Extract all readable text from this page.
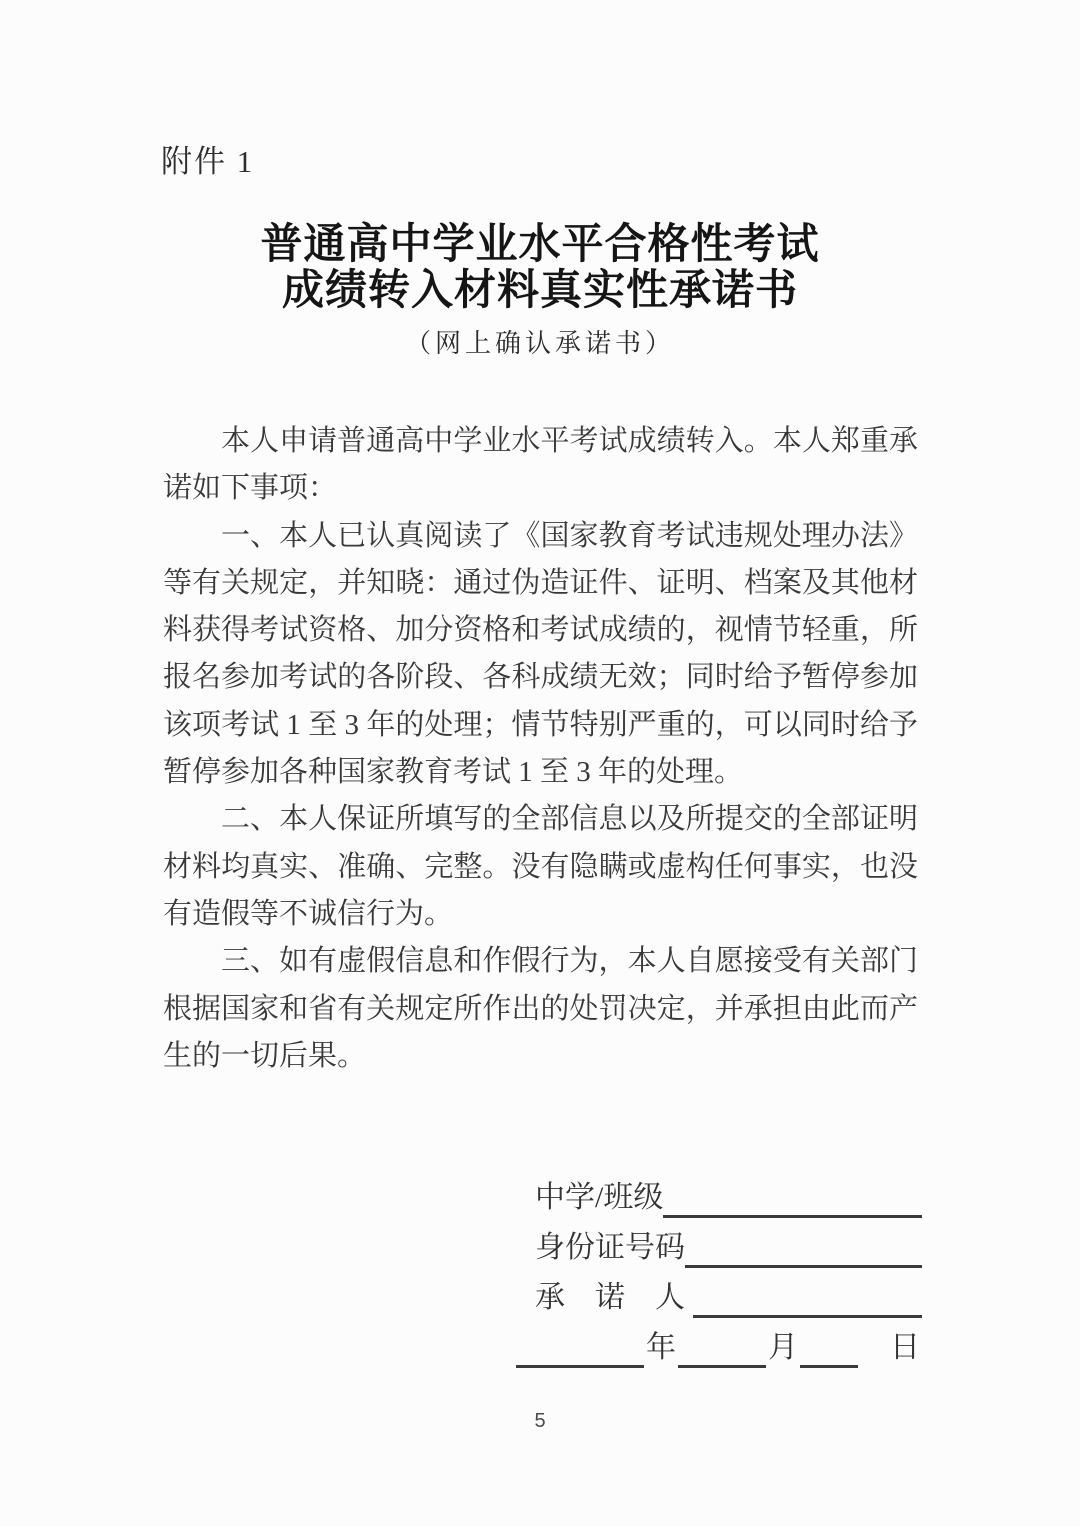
附件 1
普通高中学业水平合格性考试
成绩转入材料真实性承诺书
（网上确认承诺书）
本人申请普通高中学业水平考试成绩转入。本人郑重承
诺如下事项：
一、本人已认真阅读了《国家教育考试违规处理办法》
等有关规定，并知晓：通过伪造证件、证明、档案及其他材
料获得考试资格、加分资格和考试成绩的，视情节轻重，所
报名参加考试的各阶段、各科成绩无效；同时给予暂停参加
该项考试 1 至 3 年的处理；情节特别严重的，可以同时给予
暂停参加各种国家教育考试 1 至 3 年的处理。
二、本人保证所填写的全部信息以及所提交的全部证明
材料均真实、准确、完整。没有隐瞒或虚构任何事实，也没
有造假等不诚信行为。
三、如有虚假信息和作假行为，本人自愿接受有关部门
根据国家和省有关规定所作出的处罚决定，并承担由此而产
生的一切后果。
中学/班级
身份证号码
承　诺　人
年	月	日
5
